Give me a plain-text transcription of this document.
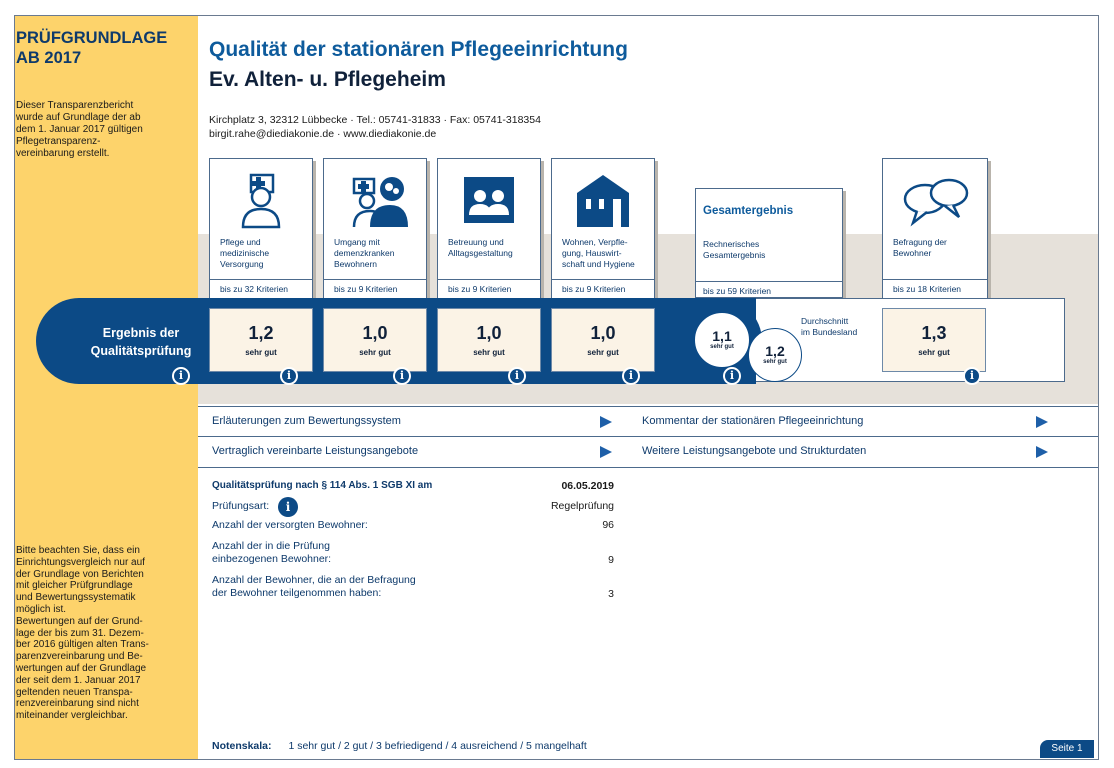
PRÜFGRUNDLAGE AB 2017
Dieser Transparenzbericht
wurde auf Grundlage der ab
dem 1. Januar 2017 gültigen
Pflegetransparenz-
vereinbarung erstellt.
Bitte beachten Sie, dass ein
Einrichtungsvergleich nur auf
der Grundlage von Berichten
mit gleicher Prüfgrundlage
und Bewertungssystematik
möglich ist.
Bewertungen auf der Grund-
lage der bis zum 31. Dezem-
ber 2016 gültigen alten Trans-
parenzvereinbarung und Be-
wertungen auf der Grundlage
der seit dem 1. Januar 2017
geltenden neuen Transpa-
renzvereinbarung sind nicht
miteinander vergleichbar.
Qualität der stationären Pflegeeinrichtung
Ev. Alten- u. Pflegeheim
Kirchplatz 3, 32312 Lübbecke · Tel.: 05741-31833 · Fax: 05741-318354
birgit.rahe@diediakonie.de · www.diediakonie.de
Pflege und
medizinische
Versorgung
bis zu 32 Kriterien
Umgang mit
demenzkranken
Bewohnern
bis zu 9 Kriterien
Betreuung und
Alltagsgestaltung
bis zu 9 Kriterien
Wohnen, Verpfle-
gung, Hauswirt-
schaft und Hygiene
bis zu 9 Kriterien
Gesamtergebnis
Rechnerisches
Gesamtergebnis
bis zu 59 Kriterien
Befragung der
Bewohner
bis zu 18 Kriterien
Ergebnis der
Qualitätsprüfung
1,2
sehr gut
1,0
sehr gut
1,0
sehr gut
1,0
sehr gut
1,1
sehr gut	1,2
sehr gut
Durchschnitt
im Bundesland	1,3
sehr gut
i	i	i	i	i	i	i
Erläuterungen zum Bewertungssystem	Kommentar der stationären Pflegeeinrichtung
Vertraglich vereinbarte Leistungsangebote	Weitere Leistungsangebote und Strukturdaten
Qualitätsprüfung nach § 114 Abs. 1 SGB XI am	06.05.2019
Prüfungsart:	i	Regelprüfung
Anzahl der versorgten Bewohner:	96
Anzahl der in die Prüfung
einbezogenen Bewohner:	9
Anzahl der Bewohner, die an der Befragung
der Bewohner teilgenommen haben:	3
Notenskala: 1 sehr gut / 2 gut / 3 befriedigend / 4 ausreichend / 5 mangelhaft	Seite 1
